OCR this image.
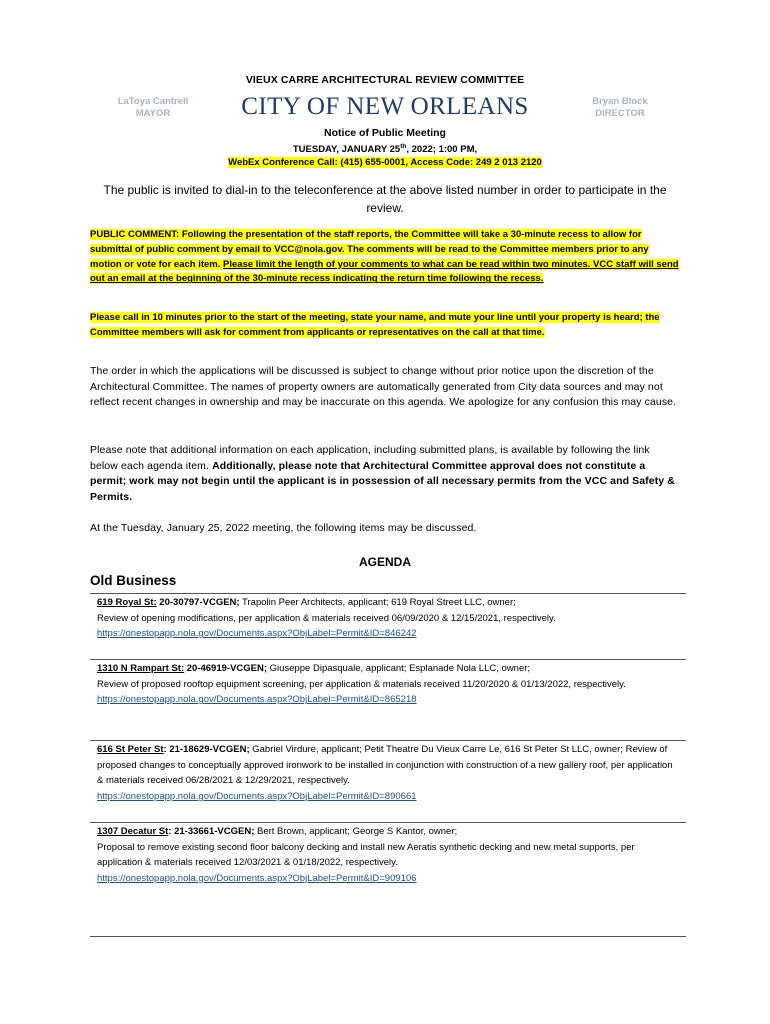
VIEUX CARRE ARCHITECTURAL REVIEW COMMITTEE
LaToya Cantrell
MAYOR	CITY OF NEW ORLEANS	Bryan Block
DIRECTOR
Notice of Public Meeting
TUESDAY, JANUARY 25th, 2022; 1:00 PM,
WebEx Conference Call: (415) 655-0001, Access Code: 249 2 013 2120
The public is invited to dial-in to the teleconference at the above listed number in order to participate in the review.
PUBLIC COMMENT: Following the presentation of the staff reports, the Committee will take a 30-minute recess to allow for submittal of public comment by email to VCC@nola.gov. The comments will be read to the Committee members prior to any motion or vote for each item. Please limit the length of your comments to what can be read within two minutes. VCC staff will send out an email at the beginning of the 30-minute recess indicating the return time following the recess.
Please call in 10 minutes prior to the start of the meeting, state your name, and mute your line until your property is heard; the Committee members will ask for comment from applicants or representatives on the call at that time.
The order in which the applications will be discussed is subject to change without prior notice upon the discretion of the Architectural Committee. The names of property owners are automatically generated from City data sources and may not reflect recent changes in ownership and may be inaccurate on this agenda. We apologize for any confusion this may cause.
Please note that additional information on each application, including submitted plans, is available by following the link below each agenda item. Additionally, please note that Architectural Committee approval does not constitute a permit; work may not begin until the applicant is in possession of all necessary permits from the VCC and Safety & Permits.
At the Tuesday, January 25, 2022 meeting, the following items may be discussed.
AGENDA
Old Business
619 Royal St: 20-30797-VCGEN; Trapolin Peer Architects, applicant; 619 Royal Street LLC, owner;
Review of opening modifications, per application & materials received 06/09/2020 & 12/15/2021, respectively.
https://onestopapp.nola.gov/Documents.aspx?ObjLabel=Permit&ID=846242
1310 N Rampart St: 20-46919-VCGEN; Giuseppe Dipasquale, applicant; Esplanade Nola LLC, owner;
Review of proposed rooftop equipment screening, per application & materials received 11/20/2020 & 01/13/2022, respectively.
https://onestopapp.nola.gov/Documents.aspx?ObjLabel=Permit&ID=865218
616 St Peter St: 21-18629-VCGEN; Gabriel Virdure, applicant; Petit Theatre Du Vieux Carre Le, 616 St Peter St LLC, owner; Review of proposed changes to conceptually approved ironwork to be installed in conjunction with construction of a new gallery roof, per application & materials received 06/28/2021 & 12/29/2021, respectively.
https://onestopapp.nola.gov/Documents.aspx?ObjLabel=Permit&ID=890661
1307 Decatur St: 21-33661-VCGEN; Bert Brown, applicant; George S Kantor, owner;
Proposal to remove existing second floor balcony decking and install new Aeratis synthetic decking and new metal supports, per application & materials received 12/03/2021 & 01/18/2022, respectively.
https://onestopapp.nola.gov/Documents.aspx?ObjLabel=Permit&ID=909106
